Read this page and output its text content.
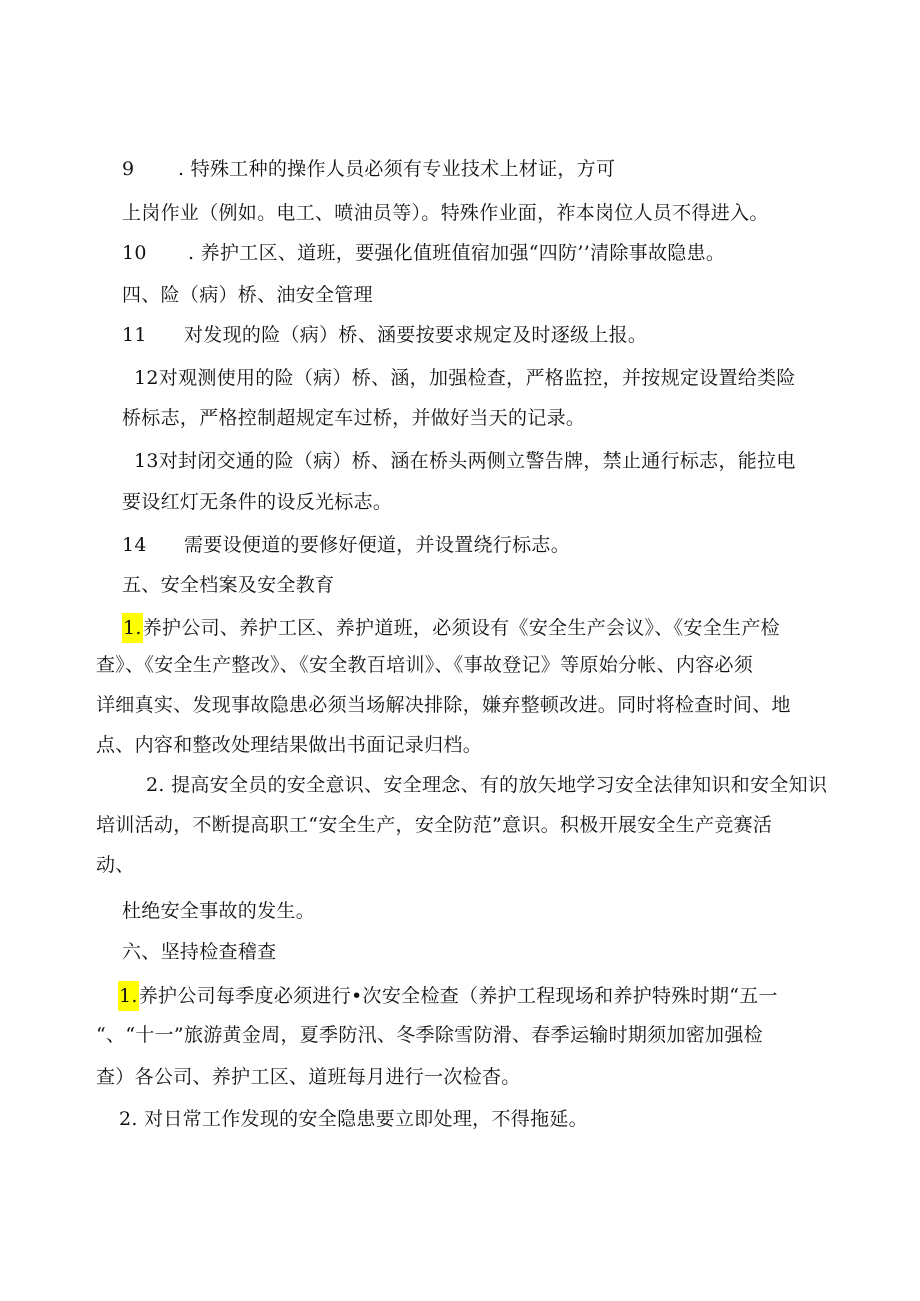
9 . 特殊工种的操作人员必须有专业技术上材证，方可
上岗作业（例如。电工、喷油员等）。特殊作业面，祚本岗位人员不得进入。
10 . 养护工区、道班，要强化值班值宿加强“四防’’清除事故隐患。
四、险（病）桥、油安全管理
11 对发现的险（病）桥、涵要按要求规定及时逐级上报。
12对观测使用的险（病）桥、涵，加强检查，严格监控，并按规定设置给类险
桥标志，严格控制超规定车过桥，并做好当天的记录。
13对封闭交通的险（病）桥、涵在桥头两侧立警告牌，禁止通行标志，能拉电
要设红灯无条件的设反光标志。
14 需要设便道的要修好便道，并设置绕行标志。
五、安全档案及安全教育
1.养护公司、养护工区、养护道班，必须设有《安全生产会议》、《安全生产检
查》、《安全生产整改》、《安全教百培训》、《事故登记》等原始分帐、内容必须
详细真实、发现事故隐患必须当场解决排除，嫌弃整顿改进。同时将检查时间、地
点、内容和整改处理结果做出书面记录归档。
2. 提高安全员的安全意识、安全理念、有的放矢地学习安全法律知识和安全知识
培训活动，不断提高职工“安全生产，安全防范”意识。积极开展安全生产竞赛活
动、
杜绝安全事故的发生。
六、坚持检查稽查
1.养护公司每季度必须进行•次安全检查（养护工程现场和养护特殊时期“五一
“、“十一”旅游黄金周，夏季防汛、冬季除雪防滑、春季运输时期须加密加强检
查）各公司、养护工区、道班每月进行一次检杳。
2. 对日常工作发现的安全隐患要立即处理，不得拖延。
